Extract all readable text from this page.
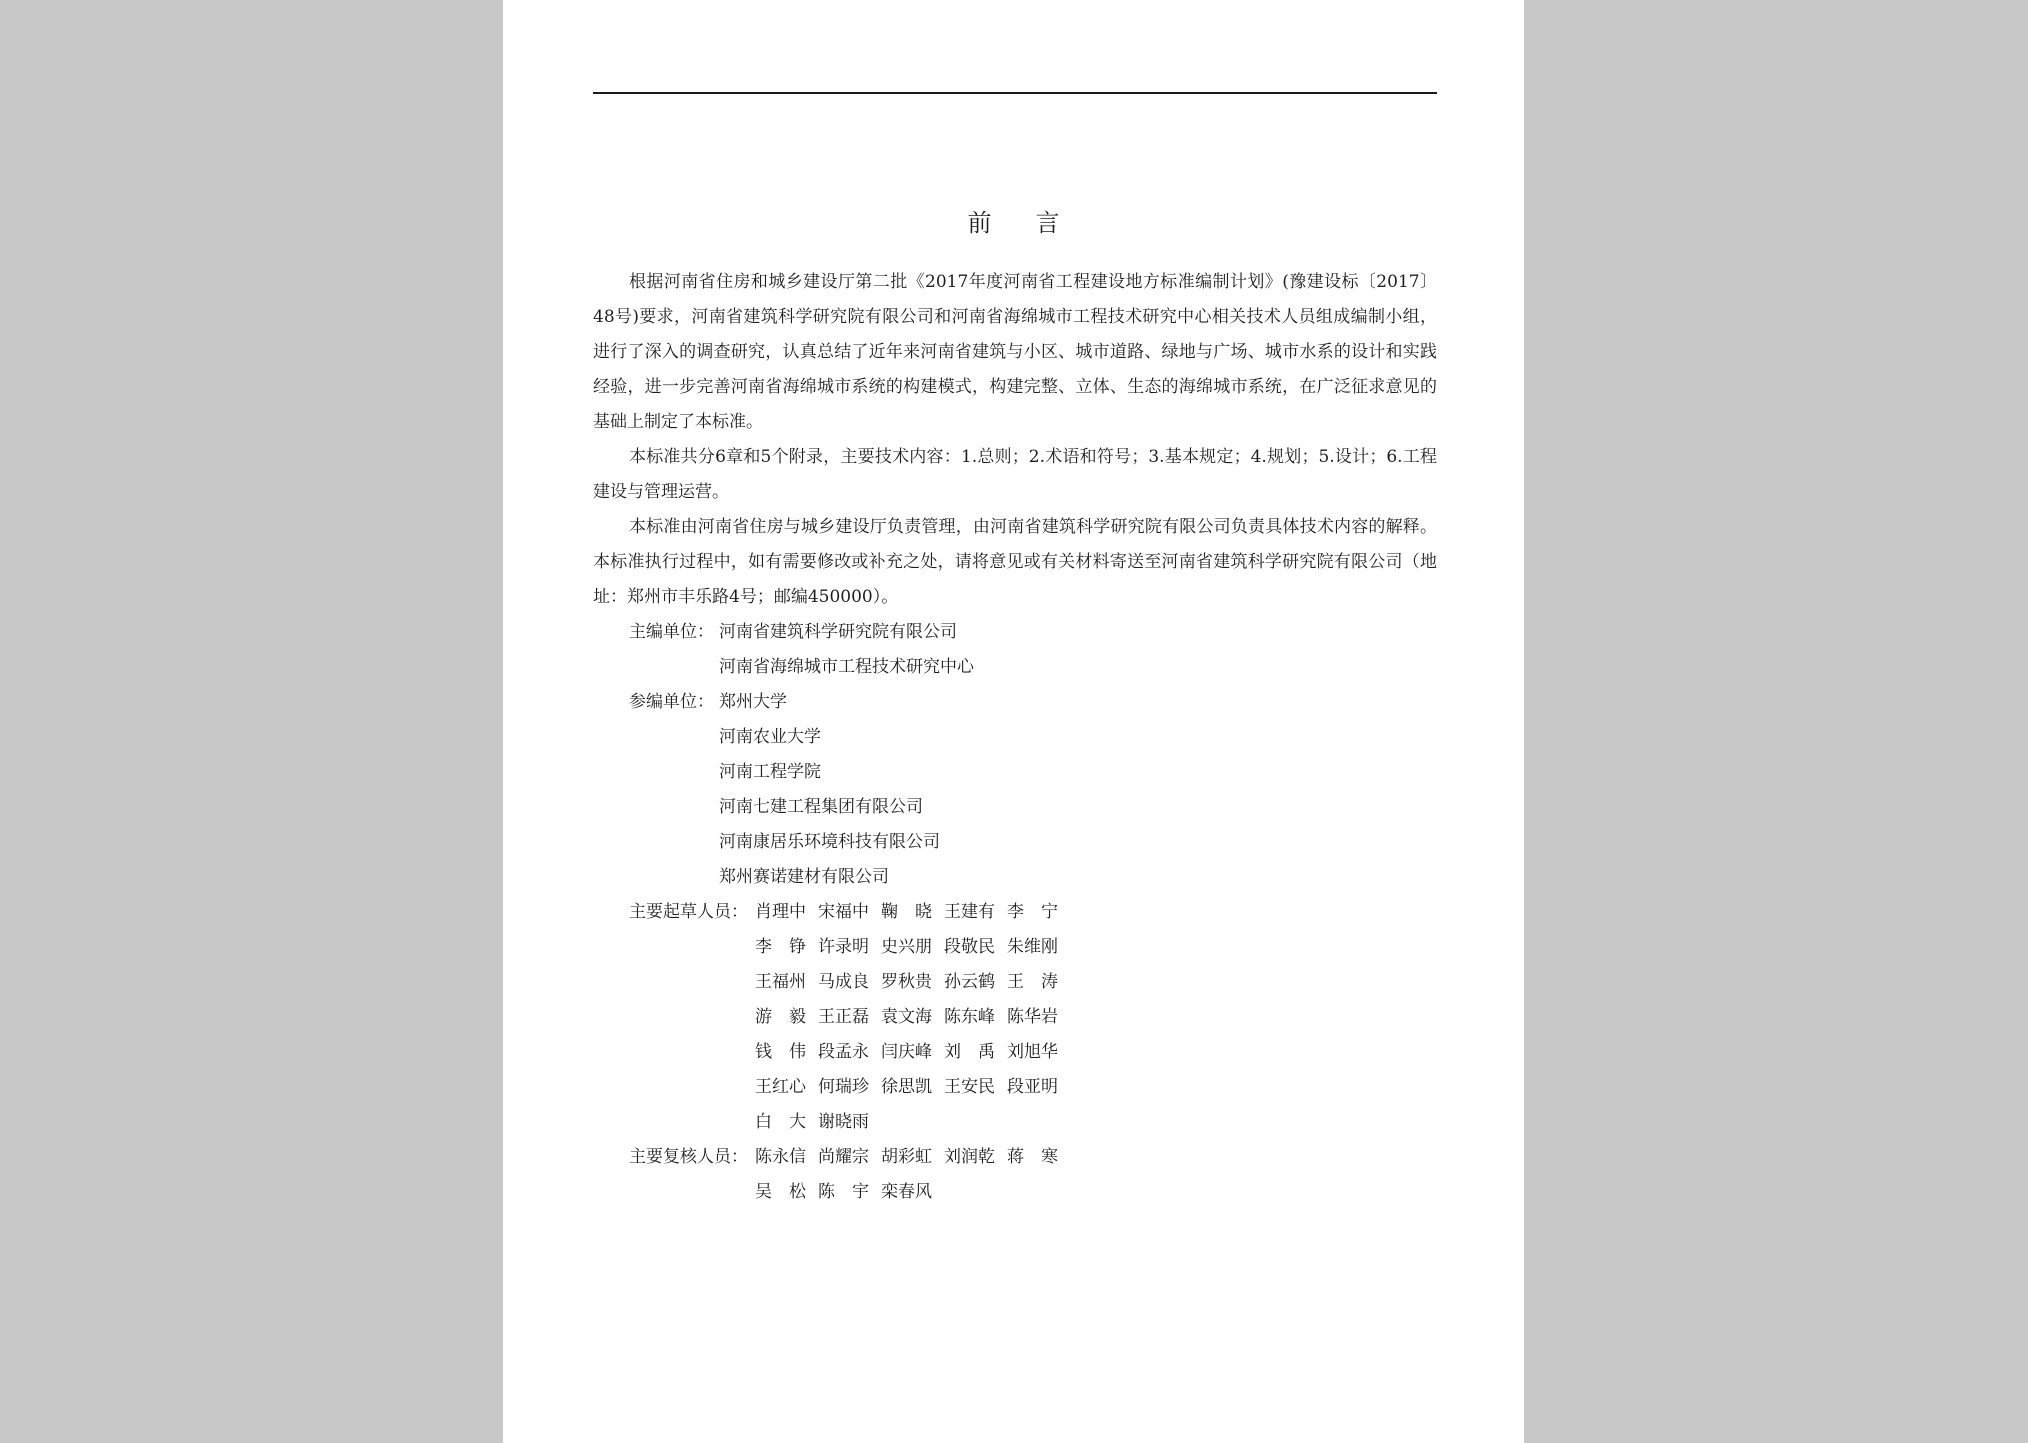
前言

根据河南省住房和城乡建设厅第二批《2017年度河南省工程建设地方标准编制计划》(豫建设标〔2017〕48号)要求，河南省建筑科学研究院有限公司和河南省海绵城市工程技术研究中心相关技术人员组成编制小组，进行了深入的调查研究，认真总结了近年来河南省建筑与小区、城市道路、绿地与广场、城市水系的设计和实践经验，进一步完善河南省海绵城市系统的构建模式，构建完整、立体、生态的海绵城市系统，在广泛征求意见的基础上制定了本标准。

本标准共分6章和5个附录，主要技术内容：1.总则；2.术语和符号；3.基本规定；4.规划；5.设计；6.工程建设与管理运营。

本标准由河南省住房与城乡建设厅负责管理，由河南省建筑科学研究院有限公司负责具体技术内容的解释。本标准执行过程中，如有需要修改或补充之处，请将意见或有关材料寄送至河南省建筑科学研究院有限公司（地址：郑州市丰乐路4号；邮编450000）。

主编单位： 河南省建筑科学研究院有限公司
河南省海绵城市工程技术研究中心
参编单位： 郑州大学
河南农业大学
河南工程学院
河南七建工程集团有限公司
河南康居乐环境科技有限公司
郑州赛诺建材有限公司
主要起草人员： 肖理中 宋福中 鞠　晓 王建有 李　宁
李　铮 许录明 史兴朋 段敬民 朱维刚
王福州 马成良 罗秋贵 孙云鹤 王　涛
游　毅 王正磊 袁文海 陈东峰 陈华岩
钱　伟 段孟永 闫庆峰 刘　禹 刘旭华
王红心 何瑞珍 徐思凯 王安民 段亚明
白　大 谢晓雨
主要复核人员： 陈永信 尚耀宗 胡彩虹 刘润乾 蒋　寒
吴　松 陈　宇 栾春风
